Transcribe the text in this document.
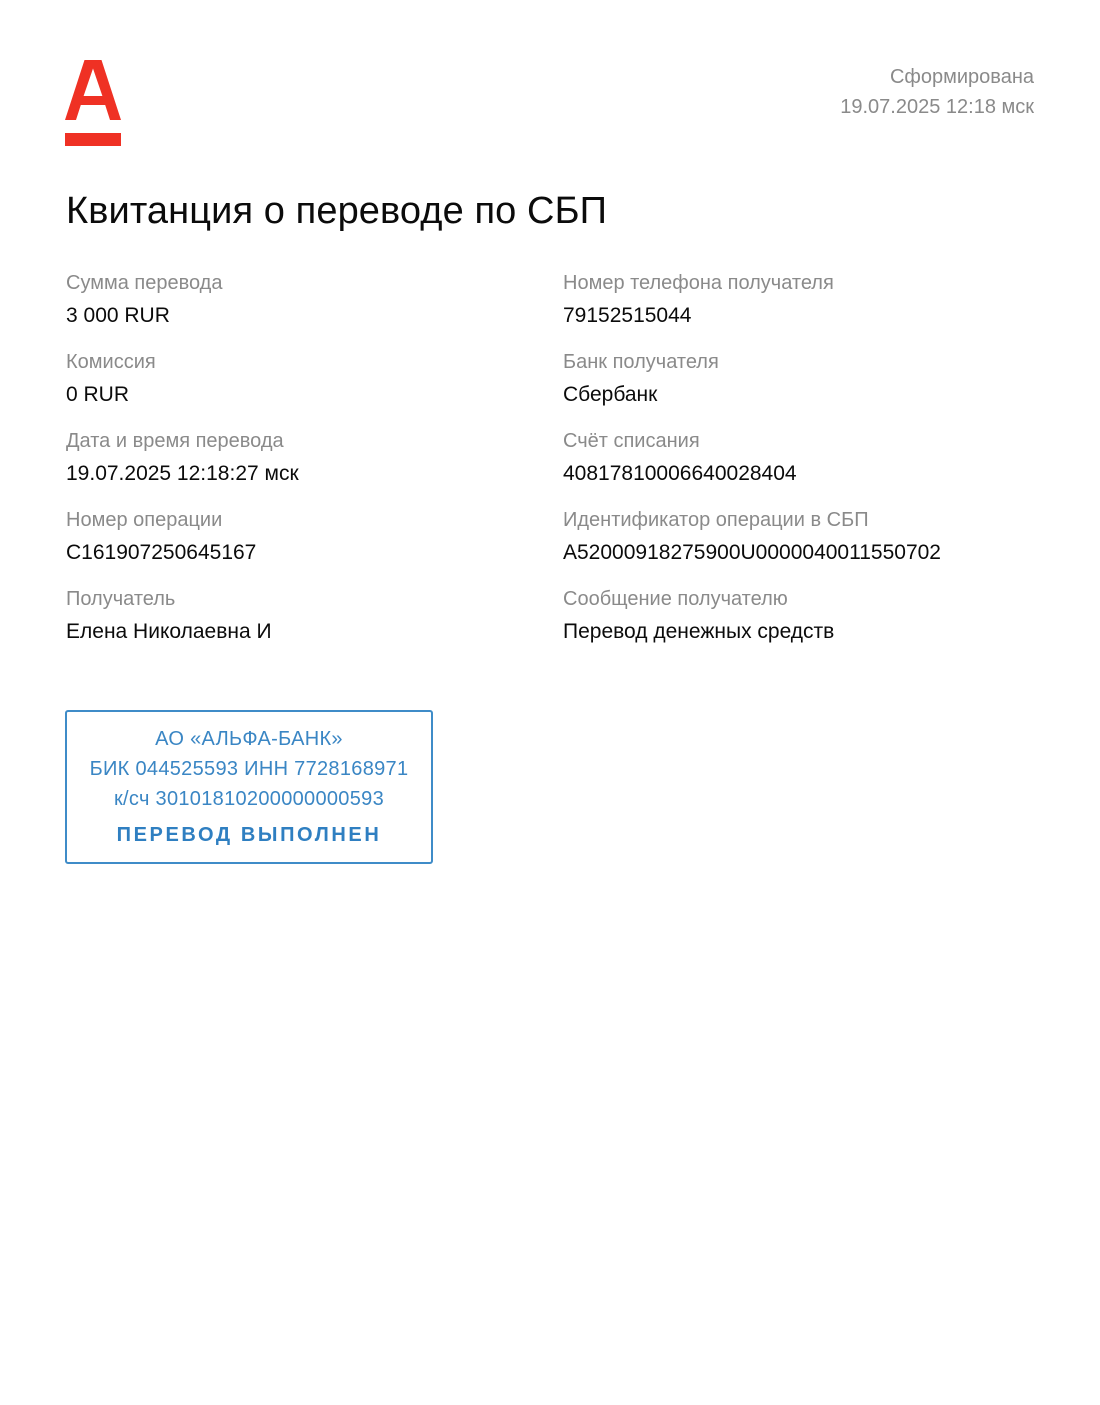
Сформирована
19.07.2025 12:18 мск
Квитанция о переводе по СБП
Сумма перевода
3 000 RUR
Комиссия
0 RUR
Дата и время перевода
19.07.2025 12:18:27 мск
Номер операции
C161907250645167
Получатель
Елена Николаевна И
Номер телефона получателя
79152515044
Банк получателя
Сбербанк
Счёт списания
40817810006640028404
Идентификатор операции в СБП
A52000918275900U0000040011550702
Сообщение получателю
Перевод денежных средств
АО «АЛЬФА-БАНК»
БИК 044525593 ИНН 7728168971
к/сч 30101810200000000593
ПЕРЕВОД ВЫПОЛНЕН
